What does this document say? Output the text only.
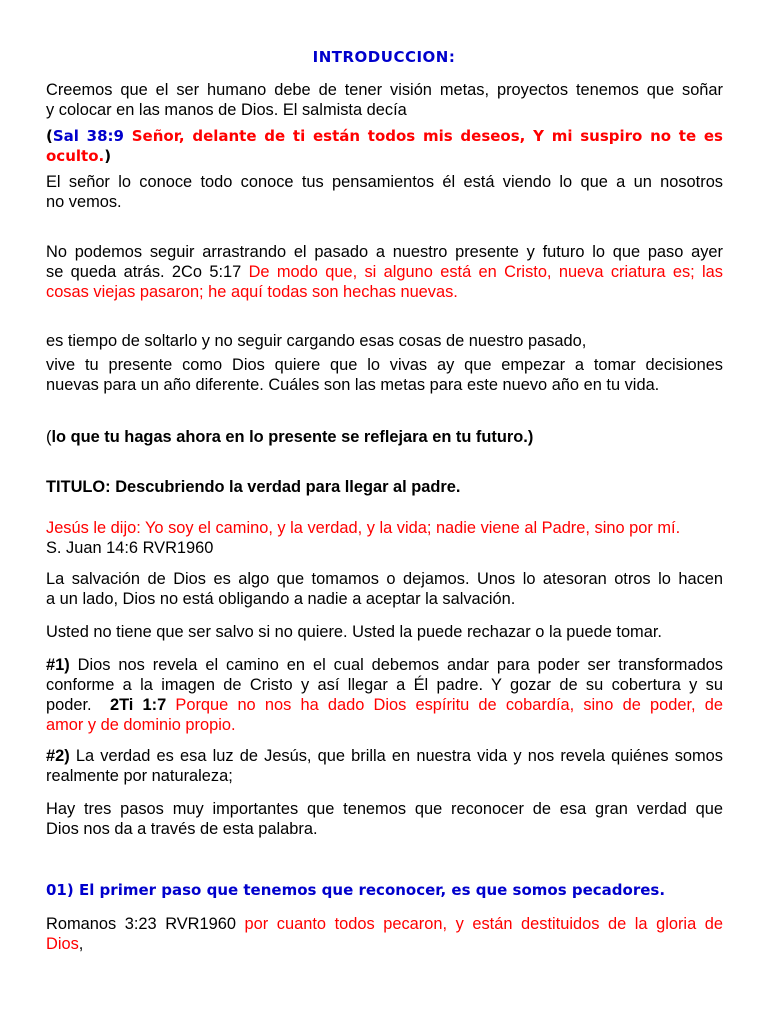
INTRODUCCION:

Creemos que el ser humano debe de tener visión metas, proyectos tenemos que soñar
y colocar en las manos de Dios. El salmista decía

(Sal 38:9 Señor, delante de ti están todos mis deseos, Y mi suspiro no te es oculto.)

El señor lo conoce todo conoce tus pensamientos él está viendo lo que a un nosotros
no vemos.

No podemos seguir arrastrando el pasado a nuestro presente y futuro lo que paso ayer
se queda atrás. 2Co 5:17 De modo que, si alguno está en Cristo, nueva criatura es; las
cosas viejas pasaron; he aquí todas son hechas nuevas.

es tiempo de soltarlo y no seguir cargando esas cosas de nuestro pasado,

vive tu presente como Dios quiere que lo vivas ay que empezar a tomar decisiones
nuevas para un año diferente. Cuáles son las metas para este nuevo año en tu vida.

(lo que tu hagas ahora en lo presente se reflejara en tu futuro.)

TITULO: Descubriendo la verdad para llegar al padre.

Jesús le dijo: Yo soy el camino, y la verdad, y la vida; nadie viene al Padre, sino por mí.
S. Juan 14:6 RVR1960

La salvación de Dios es algo que tomamos o dejamos. Unos lo atesoran otros lo hacen
a un lado, Dios no está obligando a nadie a aceptar la salvación.

Usted no tiene que ser salvo si no quiere. Usted la puede rechazar o la puede tomar.

#1) Dios nos revela el camino en el cual debemos andar para poder ser transformados
conforme a la imagen de Cristo y así llegar a Él padre. Y gozar de su cobertura y su
poder. 2Ti 1:7 Porque no nos ha dado Dios espíritu de cobardía, sino de poder, de
amor y de dominio propio.

#2) La verdad es esa luz de Jesús, que brilla en nuestra vida y nos revela quiénes somos
realmente por naturaleza;

Hay tres pasos muy importantes que tenemos que reconocer de esa gran verdad que
Dios nos da a través de esta palabra.

01) El primer paso que tenemos que reconocer, es que somos pecadores.

Romanos 3:23 RVR1960 por cuanto todos pecaron, y están destituidos de la gloria de
Dios,
